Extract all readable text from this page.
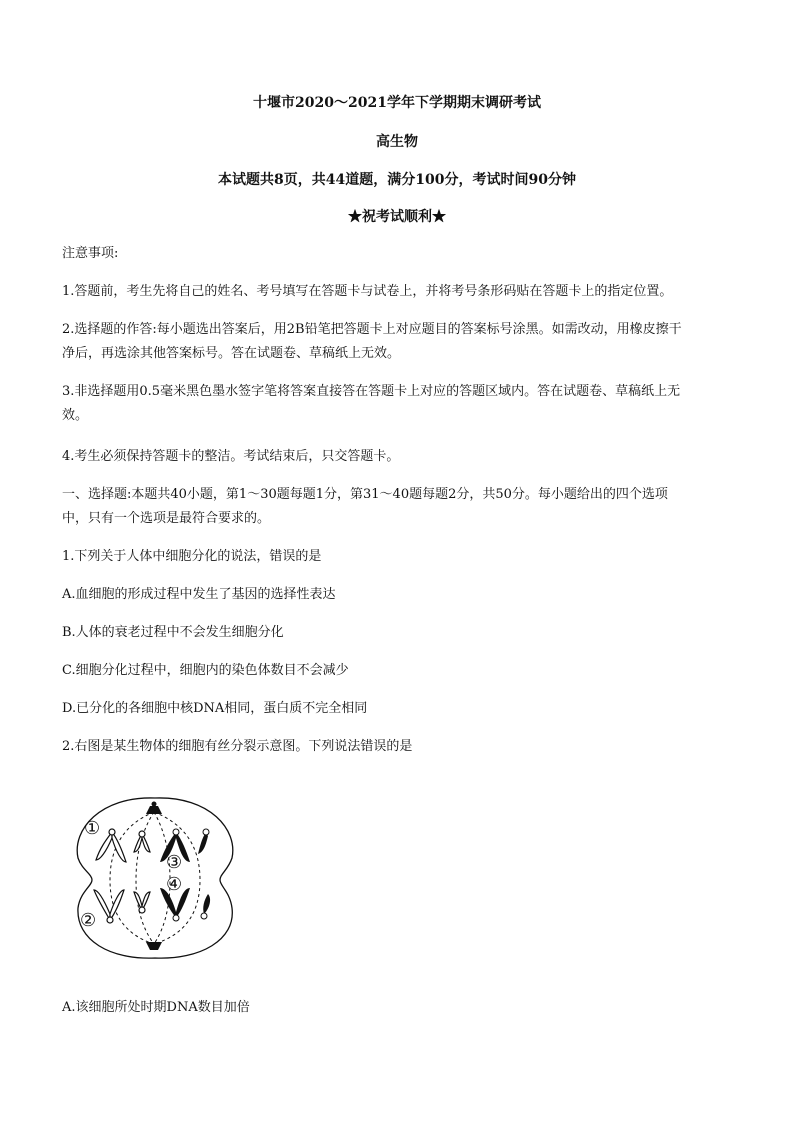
十堰市2020～2021学年下学期期末调研考试
高生物
本试题共8页，共44道题，满分100分，考试时间90分钟
★祝考试顺利★
注意事项:
1.答题前，考生先将自己的姓名、考号填写在答题卡与试卷上，并将考号条形码贴在答题卡上的指定位置。
2.选择题的作答:每小题选出答案后，用2B铅笔把答题卡上对应题目的答案标号涂黑。如需改动，用橡皮擦干
净后，再选涂其他答案标号。答在试题卷、草稿纸上无效。
3.非选择题用0.5毫米黑色墨水签字笔将答案直接答在答题卡上对应的答题区域内。答在试题卷、草稿纸上无
效。
4.考生必须保持答题卡的整洁。考试结束后，只交答题卡。
一、选择题:本题共40小题，第1～30题每题1分，第31～40题每题2分，共50分。每小题给出的四个选项
中，只有一个选项是最符合要求的。
1.下列关于人体中细胞分化的说法，错误的是
A.血细胞的形成过程中发生了基因的选择性表达
B.人体的衰老过程中不会发生细胞分化
C.细胞分化过程中，细胞内的染色体数目不会减少
D.已分化的各细胞中核DNA相同，蛋白质不完全相同
2.右图是某生物体的细胞有丝分裂示意图。下列说法错误的是
①
②
③
④
A.该细胞所处时期DNA数目加倍
